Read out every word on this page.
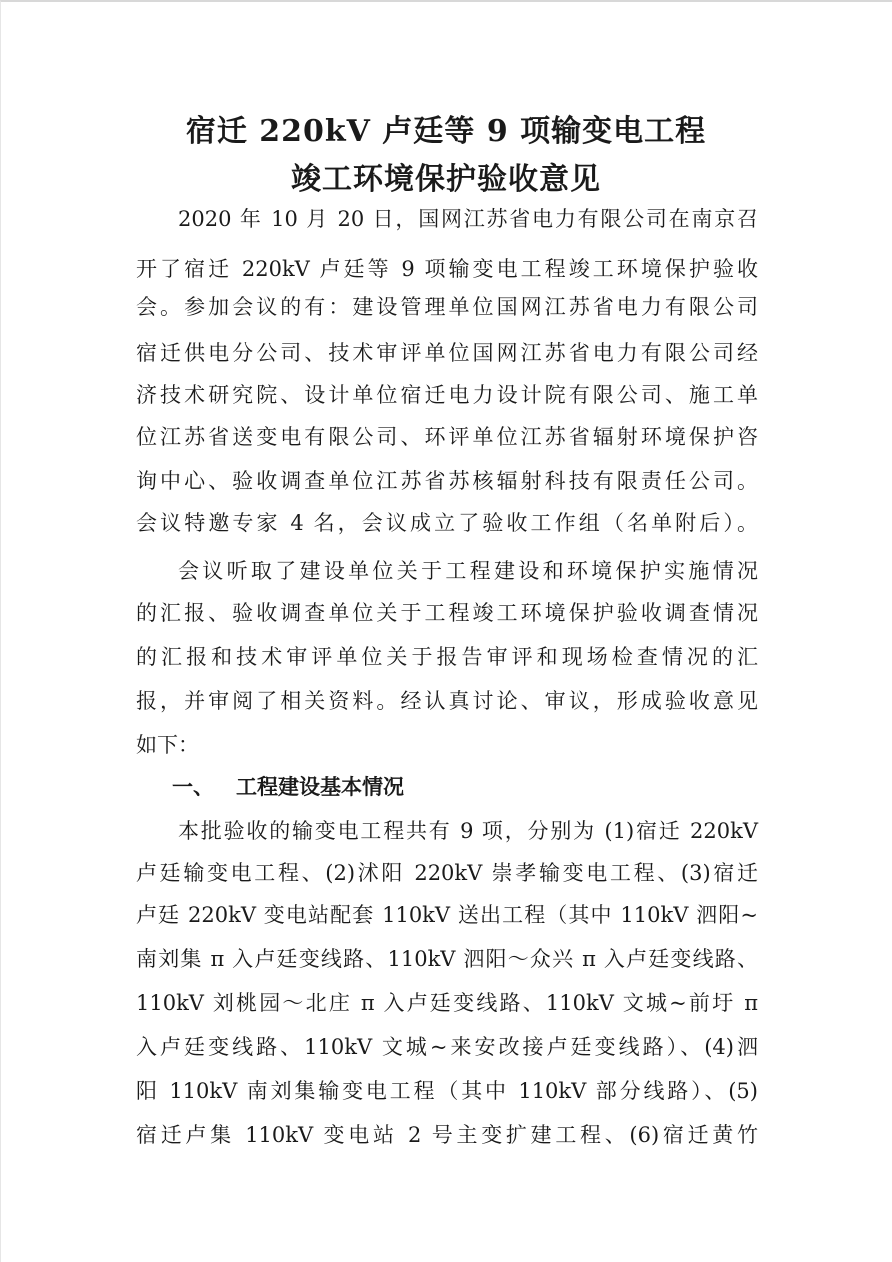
宿迁 220kV 卢廷等 9 项输变电工程
竣工环境保护验收意见
2020 年 10 月 20 日，国网江苏省电力有限公司在南京召
开了宿迁 220kV 卢廷等 9 项输变电工程竣工环境保护验收
会。参加会议的有：建设管理单位国网江苏省电力有限公司
宿迁供电分公司、技术审评单位国网江苏省电力有限公司经
济技术研究院、设计单位宿迁电力设计院有限公司、施工单
位江苏省送变电有限公司、环评单位江苏省辐射环境保护咨
询中心、验收调查单位江苏省苏核辐射科技有限责任公司。
会议特邀专家 4 名，会议成立了验收工作组（名单附后）。
会议听取了建设单位关于工程建设和环境保护实施情况
的汇报、验收调查单位关于工程竣工环境保护验收调查情况
的汇报和技术审评单位关于报告审评和现场检查情况的汇
报，并审阅了相关资料。经认真讨论、审议，形成验收意见
如下：
一、 工程建设基本情况
本批验收的输变电工程共有 9 项，分别为 (1)宿迁 220kV
卢廷输变电工程、(2)沭阳 220kV 崇孝输变电工程、(3)宿迁
卢廷 220kV 变电站配套 110kV 送出工程（其中 110kV 泗阳~
南刘集 π 入卢廷变线路、110kV 泗阳～众兴 π 入卢廷变线路、
110kV 刘桃园～北庄 π 入卢廷变线路、110kV 文城~前圩 π
入卢廷变线路、110kV 文城~来安改接卢廷变线路）、(4)泗
阳 110kV 南刘集输变电工程（其中 110kV 部分线路）、(5)
宿迁卢集 110kV 变电站 2 号主变扩建工程、(6)宿迁黄竹
